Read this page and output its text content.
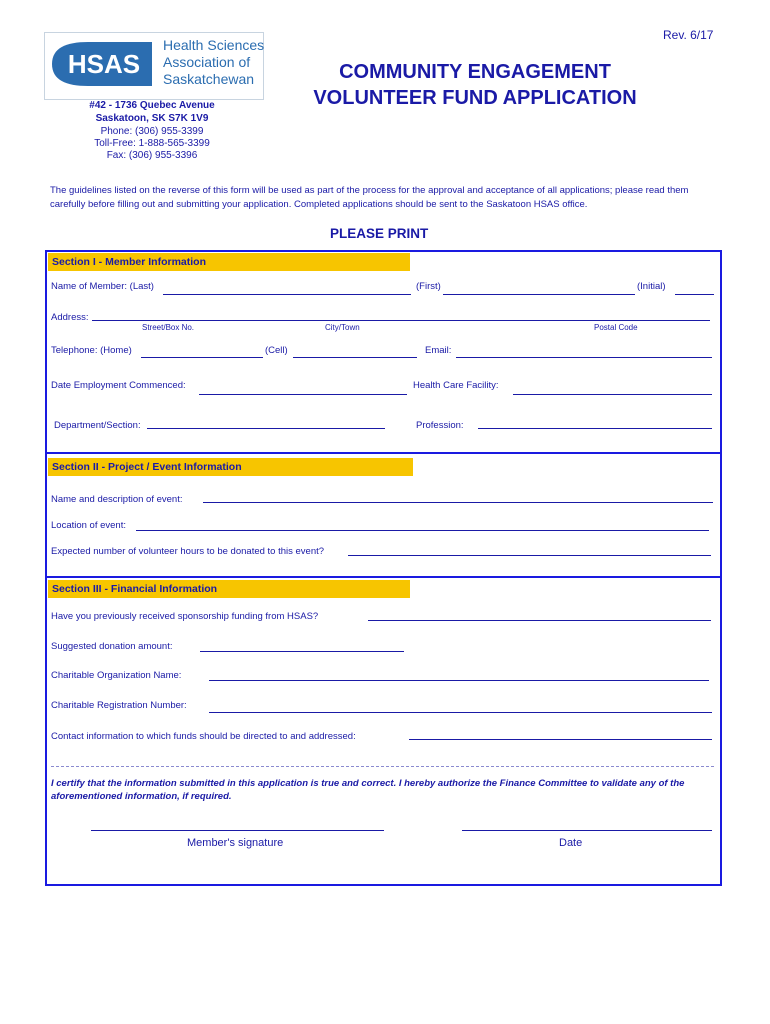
Rev. 6/17
HSAS
Health Sciences
Association of
Saskatchewan
#42 - 1736 Quebec Avenue
Saskatoon, SK S7K 1V9
Phone: (306) 955-3399
Toll-Free: 1-888-565-3399
Fax: (306) 955-3396
COMMUNITY ENGAGEMENT
VOLUNTEER FUND APPLICATION
The guidelines listed on the reverse of this form will be used as part of the process for the approval and acceptance of all applications; please read them carefully before filling out and submitting your application. Completed applications should be sent to the Saskatoon HSAS office.
PLEASE PRINT
Section I - Member Information
Name of Member: (Last)	(First)	(Initial)
Address:
Street/Box No.	City/Town	Postal Code
Telephone: (Home)	(Cell)	Email:
Date Employment Commenced:	Health Care Facility:
Department/Section:	Profession:
Section II - Project / Event Information
Name and description of event:
Location of event:
Expected number of volunteer hours to be donated to this event?
Section III - Financial Information
Have you previously received sponsorship funding from HSAS?
Suggested donation amount:
Charitable Organization Name:
Charitable Registration Number:
Contact information to which funds should be directed to and addressed:
I certify that the information submitted in this application is true and correct. I hereby authorize the Finance Committee to validate any of the aforementioned information, if required.
Member's signature	Date
